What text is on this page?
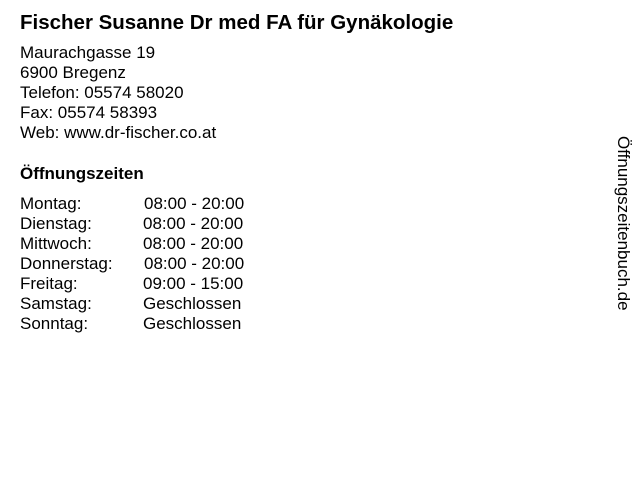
Fischer Susanne Dr med FA für Gynäkologie
Maurachgasse 19
6900 Bregenz
Telefon: 05574 58020
Fax: 05574 58393
Web: www.dr-fischer.co.at
Öffnungszeiten
Montag:	08:00 - 20:00
Dienstag:	08:00 - 20:00
Mittwoch:	08:00 - 20:00
Donnerstag: 08:00 - 20:00
Freitag:	09:00 - 15:00
Samstag:	Geschlossen
Sonntag:	Geschlossen
Öffnungszeitenbuch.de
